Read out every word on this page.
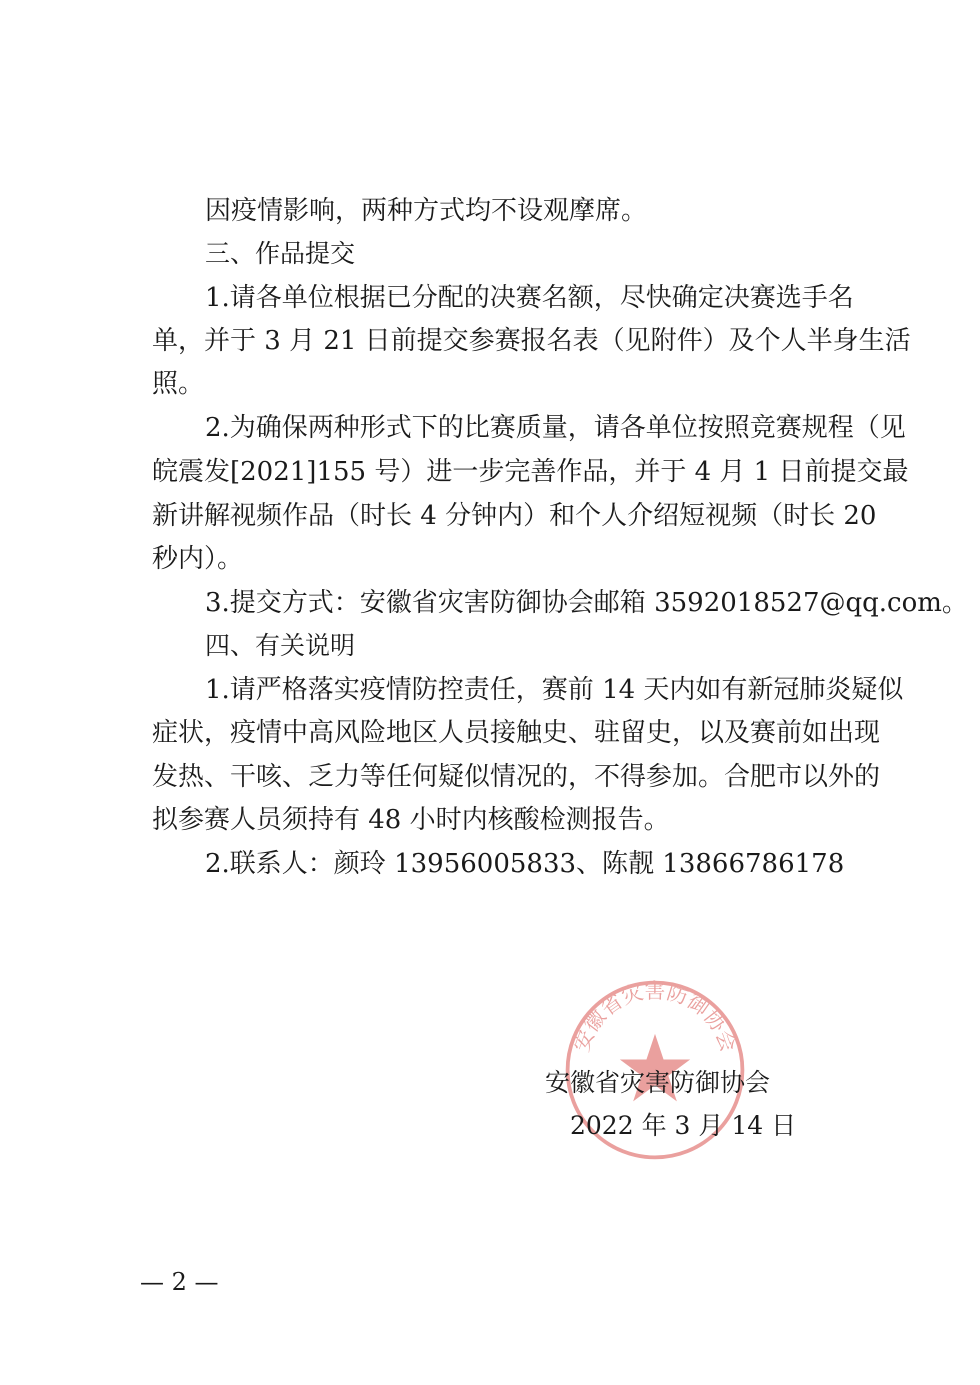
因疫情影响，两种方式均不设观摩席。
三、作品提交
1.请各单位根据已分配的决赛名额，尽快确定决赛选手名
单，并于 3 月 21 日前提交参赛报名表（见附件）及个人半身生活
照。
2.为确保两种形式下的比赛质量，请各单位按照竞赛规程（见
皖震发[2021]155 号）进一步完善作品，并于 4 月 1 日前提交最
新讲解视频作品（时长 4 分钟内）和个人介绍短视频（时长 20
秒内）。
3.提交方式：安徽省灾害防御协会邮箱 3592018527@qq.com。
四、有关说明
1.请严格落实疫情防控责任，赛前 14 天内如有新冠肺炎疑似
症状，疫情中高风险地区人员接触史、驻留史，以及赛前如出现
发热、干咳、乏力等任何疑似情况的，不得参加。合肥市以外的
拟参赛人员须持有 48 小时内核酸检测报告。
2.联系人：颜玲 13956005833、陈靓 13866786178
安徽省灾害防御协会
安徽省灾害防御协会
2022 年 3 月 14 日
— 2 —
